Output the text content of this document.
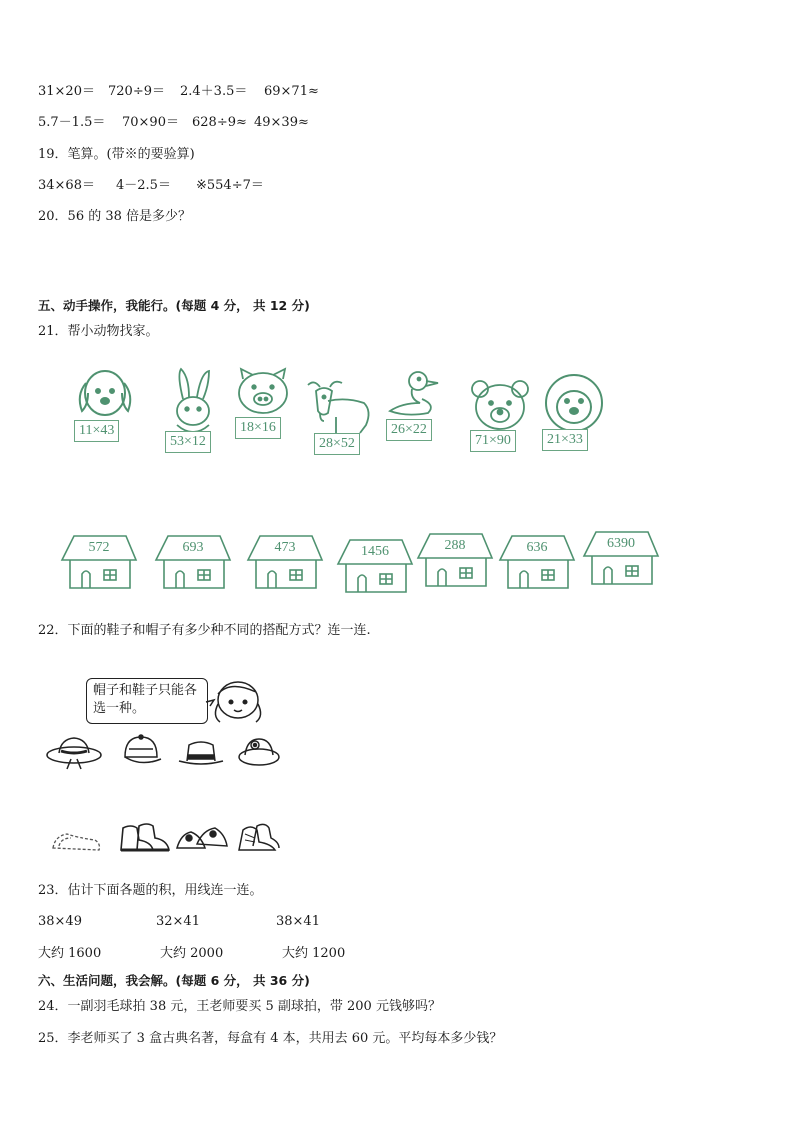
31×20＝ 720÷9＝ 2.4＋3.5＝ 69×71≈
5.7－1.5＝ 70×90＝ 628÷9≈ 49×39≈
19．笔算。(带※的要验算)
34×68＝ 4－2.5＝ ※554÷7＝
20．56 的 38 倍是多少？
五、动手操作，我能行。(每题 4 分， 共 12 分)
21．帮小动物找家。
11×43
53×12
18×16
28×52
26×22
71×90	21×33
572	693	473	1456	288	636	6390
22．下面的鞋子和帽子有多少种不同的搭配方式？连一连.
帽子和鞋子只能各选一种。
23．估计下面各题的积，用线连一连。
38×49	32×41	38×41
大约 1600	大约 2000	大约 1200
六、生活问题，我会解。(每题 6 分， 共 36 分)
24．一副羽毛球拍 38 元，王老师要买 5 副球拍，带 200 元钱够吗？
25．李老师买了 3 盒古典名著，每盒有 4 本，共用去 60 元。平均每本多少钱？
